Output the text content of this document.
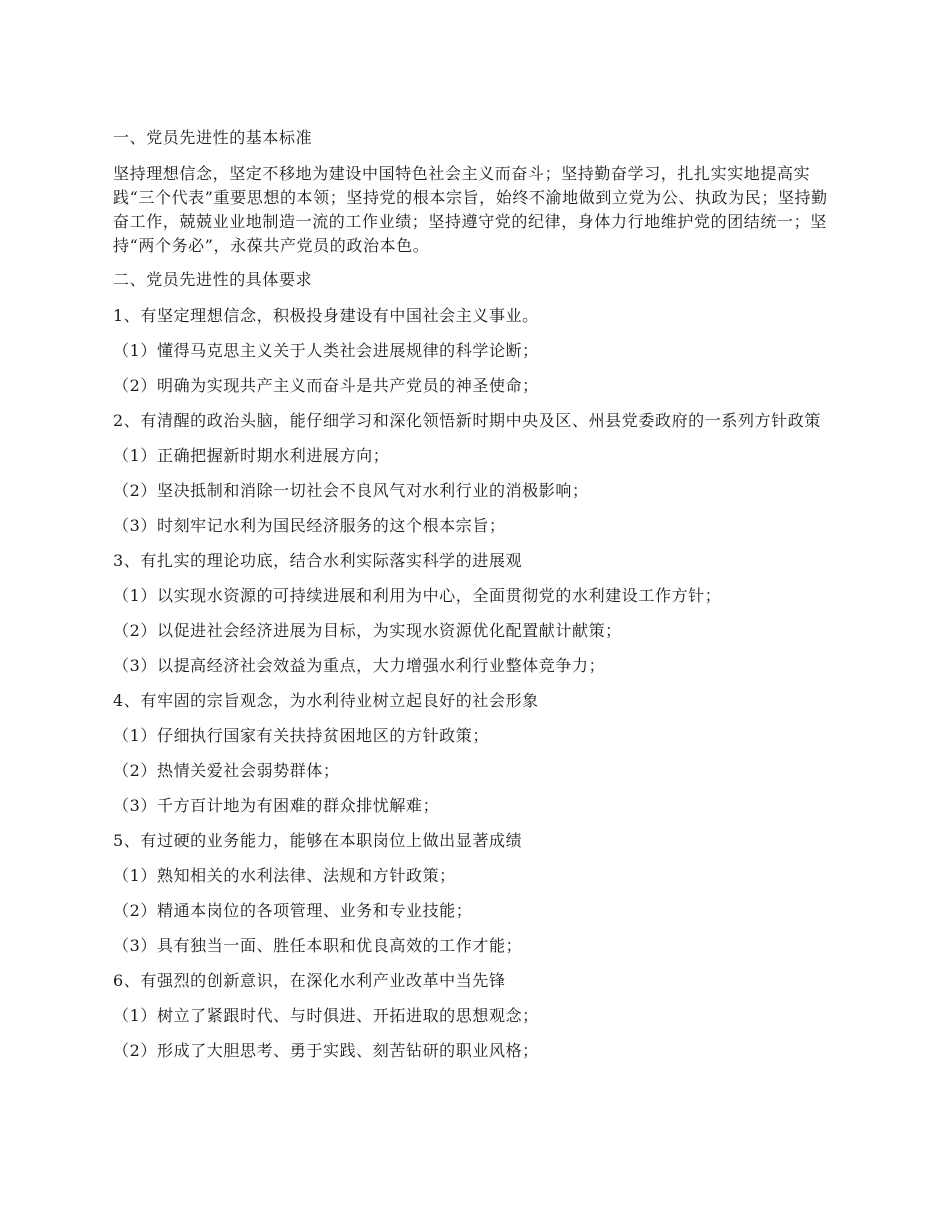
一、党员先进性的基本标准

坚持理想信念，坚定不移地为建设中国特色社会主义而奋斗；坚持勤奋学习，扎扎实实地提高实践“三个代表”重要思想的本领；坚持党的根本宗旨，始终不渝地做到立党为公、执政为民；坚持勤奋工作，兢兢业业地制造一流的工作业绩；坚持遵守党的纪律，身体力行地维护党的团结统一；坚持“两个务必”，永葆共产党员的政治本色。

二、党员先进性的具体要求

1、有坚定理想信念，积极投身建设有中国社会主义事业。

（1）懂得马克思主义关于人类社会进展规律的科学论断；

（2）明确为实现共产主义而奋斗是共产党员的神圣使命；

2、有清醒的政治头脑，能仔细学习和深化领悟新时期中央及区、州县党委政府的一系列方针政策

（1）正确把握新时期水利进展方向；

（2）坚决抵制和消除一切社会不良风气对水利行业的消极影响；

（3）时刻牢记水利为国民经济服务的这个根本宗旨；

3、有扎实的理论功底，结合水利实际落实科学的进展观

（1）以实现水资源的可持续进展和利用为中心，全面贯彻党的水利建设工作方针；

（2）以促进社会经济进展为目标，为实现水资源优化配置献计献策；

（3）以提高经济社会效益为重点，大力增强水利行业整体竞争力；

4、有牢固的宗旨观念，为水利待业树立起良好的社会形象

（1）仔细执行国家有关扶持贫困地区的方针政策；

（2）热情关爱社会弱势群体；

（3）千方百计地为有困难的群众排忧解难；

5、有过硬的业务能力，能够在本职岗位上做出显著成绩

（1）熟知相关的水利法律、法规和方针政策；

（2）精通本岗位的各项管理、业务和专业技能；

（3）具有独当一面、胜任本职和优良高效的工作才能；

6、有强烈的创新意识，在深化水利产业改革中当先锋

（1）树立了紧跟时代、与时俱进、开拓进取的思想观念；

（2）形成了大胆思考、勇于实践、刻苦钻研的职业风格；
